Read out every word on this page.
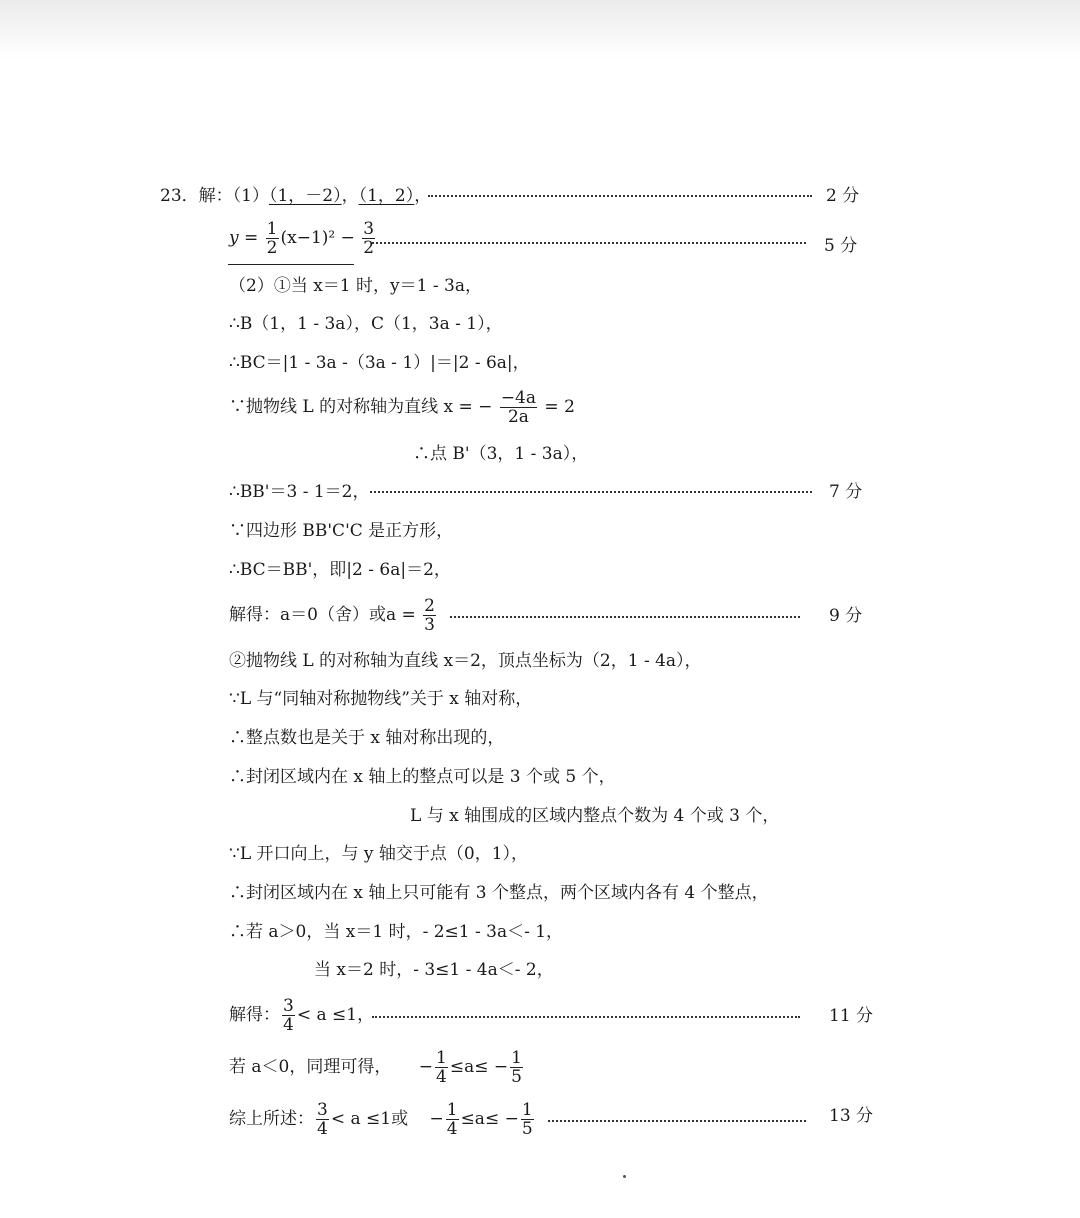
23．解：（1）（1，－2），（1，2），	2 分
$y = \frac{1}{2} (x-1)^2 - \frac{3}{2}$	5 分
（2）①当 x＝1 时，y＝1 - 3a，
∴B（1，1 - 3a），C（1，3a - 1），
∴BC＝|1 - 3a -（3a - 1）|＝|2 - 6a|，
∵抛物线 L 的对称轴为直线 x = − $\frac{-4a}{2a} = 2$
∴点 B'（3，1 - 3a），
∴BB'＝3 - 1＝2，	7 分
∵四边形 BB'C'C 是正方形，
∴BC＝BB'，即|2 - 6a|＝2，
解得：a＝0（舍）或$a = \frac{2}{3}$	9 分
②抛物线 L 的对称轴为直线 x＝2，顶点坐标为（2，1 - 4a），
∵L 与“同轴对称抛物线”关于 x 轴对称，
∴整点数也是关于 x 轴对称出现的，
∴封闭区域内在 x 轴上的整点可以是 3 个或 5 个，
L 与 x 轴围成的区域内整点个数为 4 个或 3 个，
∵L 开口向上，与 y 轴交于点（0，1），
∴封闭区域内在 x 轴上只可能有 3 个整点，两个区域内各有 4 个整点，
∴若 a＞0，当 x＝1 时，- 2≤1 - 3a＜- 1，
当 x＝2 时，- 3≤1 - 4a＜- 2，
解得： $\frac{3}{4} < a \le 1$，	11 分
若 a＜0，同理可得， − $\frac{1}{4} \le a\le - \frac{1}{5}$
综上所述： $\frac{3}{4} < a \le 1$或 − $\frac{1}{4} \le a\le - \frac{1}{5}$	13 分
